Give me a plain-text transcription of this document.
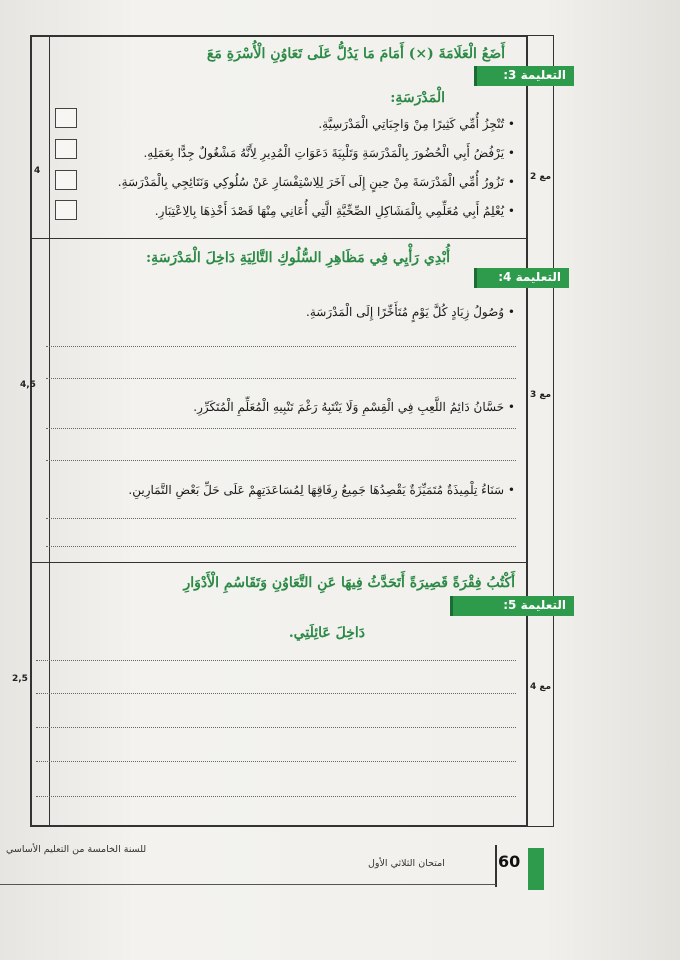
التعليمة 3:
أَضَعُ الْعَلَامَةَ (×) أَمَامَ مَا يَدُلُّ عَلَى تَعَاوُنِ الْأُسْرَةِ مَعَ
الْمَدْرَسَةِ:
• تُنْجِزُ أُمِّي كَثِيرًا مِنْ وَاجِبَاتِي الْمَدْرَسِيَّةِ.
• يَرْفُضُ أَبِي الْحُضُورَ بِالْمَدْرَسَةِ وَتَلْبِيَةَ دَعَوَاتِ الْمُدِيرِ لِأَنَّهُ مَشْغُولٌ جِدًّا بِعَمَلِهِ.
• تَزُورُ أُمِّي الْمَدْرَسَةَ مِنْ حِينٍ إِلَى آخَرَ لِلِاسْتِفْسَارِ عَنْ سُلُوكِي وَنَتَائِجِي بِالْمَدْرَسَةِ.
• يُعْلِمُ أَبِي مُعَلِّمِي بِالْمَشَاكِلِ الصِّحِّيَّةِ الَّتِي أُعَانِي مِنْهَا قَصْدَ أَخْذِهَا بِالِاعْتِبَارِ.
مع 2
4
التعليمة 4:
أُبْدِي رَأْيِي فِي مَظَاهِرِ السُّلُوكِ التَّالِيَةِ دَاخِلَ الْمَدْرَسَةِ:
• وُصُولُ زِيَادٍ كُلَّ يَوْمٍ مُتَأَخِّرًا إِلَى الْمَدْرَسَةِ.
• حَسَّانُ دَائِمُ اللَّعِبِ فِي الْقِسْمِ وَلَا يَنْتَبِهُ رَغْمَ تَنْبِيهِ الْمُعَلِّمِ الْمُتَكَرِّرِ.
• سَنَاءُ تِلْمِيذَةٌ مُتَمَيِّزَةٌ يَقْصِدُهَا جَمِيعُ رِفَاقِهَا لِمُسَاعَدَتِهِمْ عَلَى حَلِّ بَعْضِ التَّمَارِينِ.
مع 3
4,5
أَكْتُبُ فِقْرَةً قَصِيرَةً أَتَحَدَّثُ فِيهَا عَنِ التَّعَاوُنِ وَتَقَاسُمِ الْأَدْوَارِ
التعليمة 5:
دَاخِلَ عَائِلَتِي.
مع 4
2,5
للسنة الخامسة من التعليم الأساسي
امتحان الثلاثي الأول	60
